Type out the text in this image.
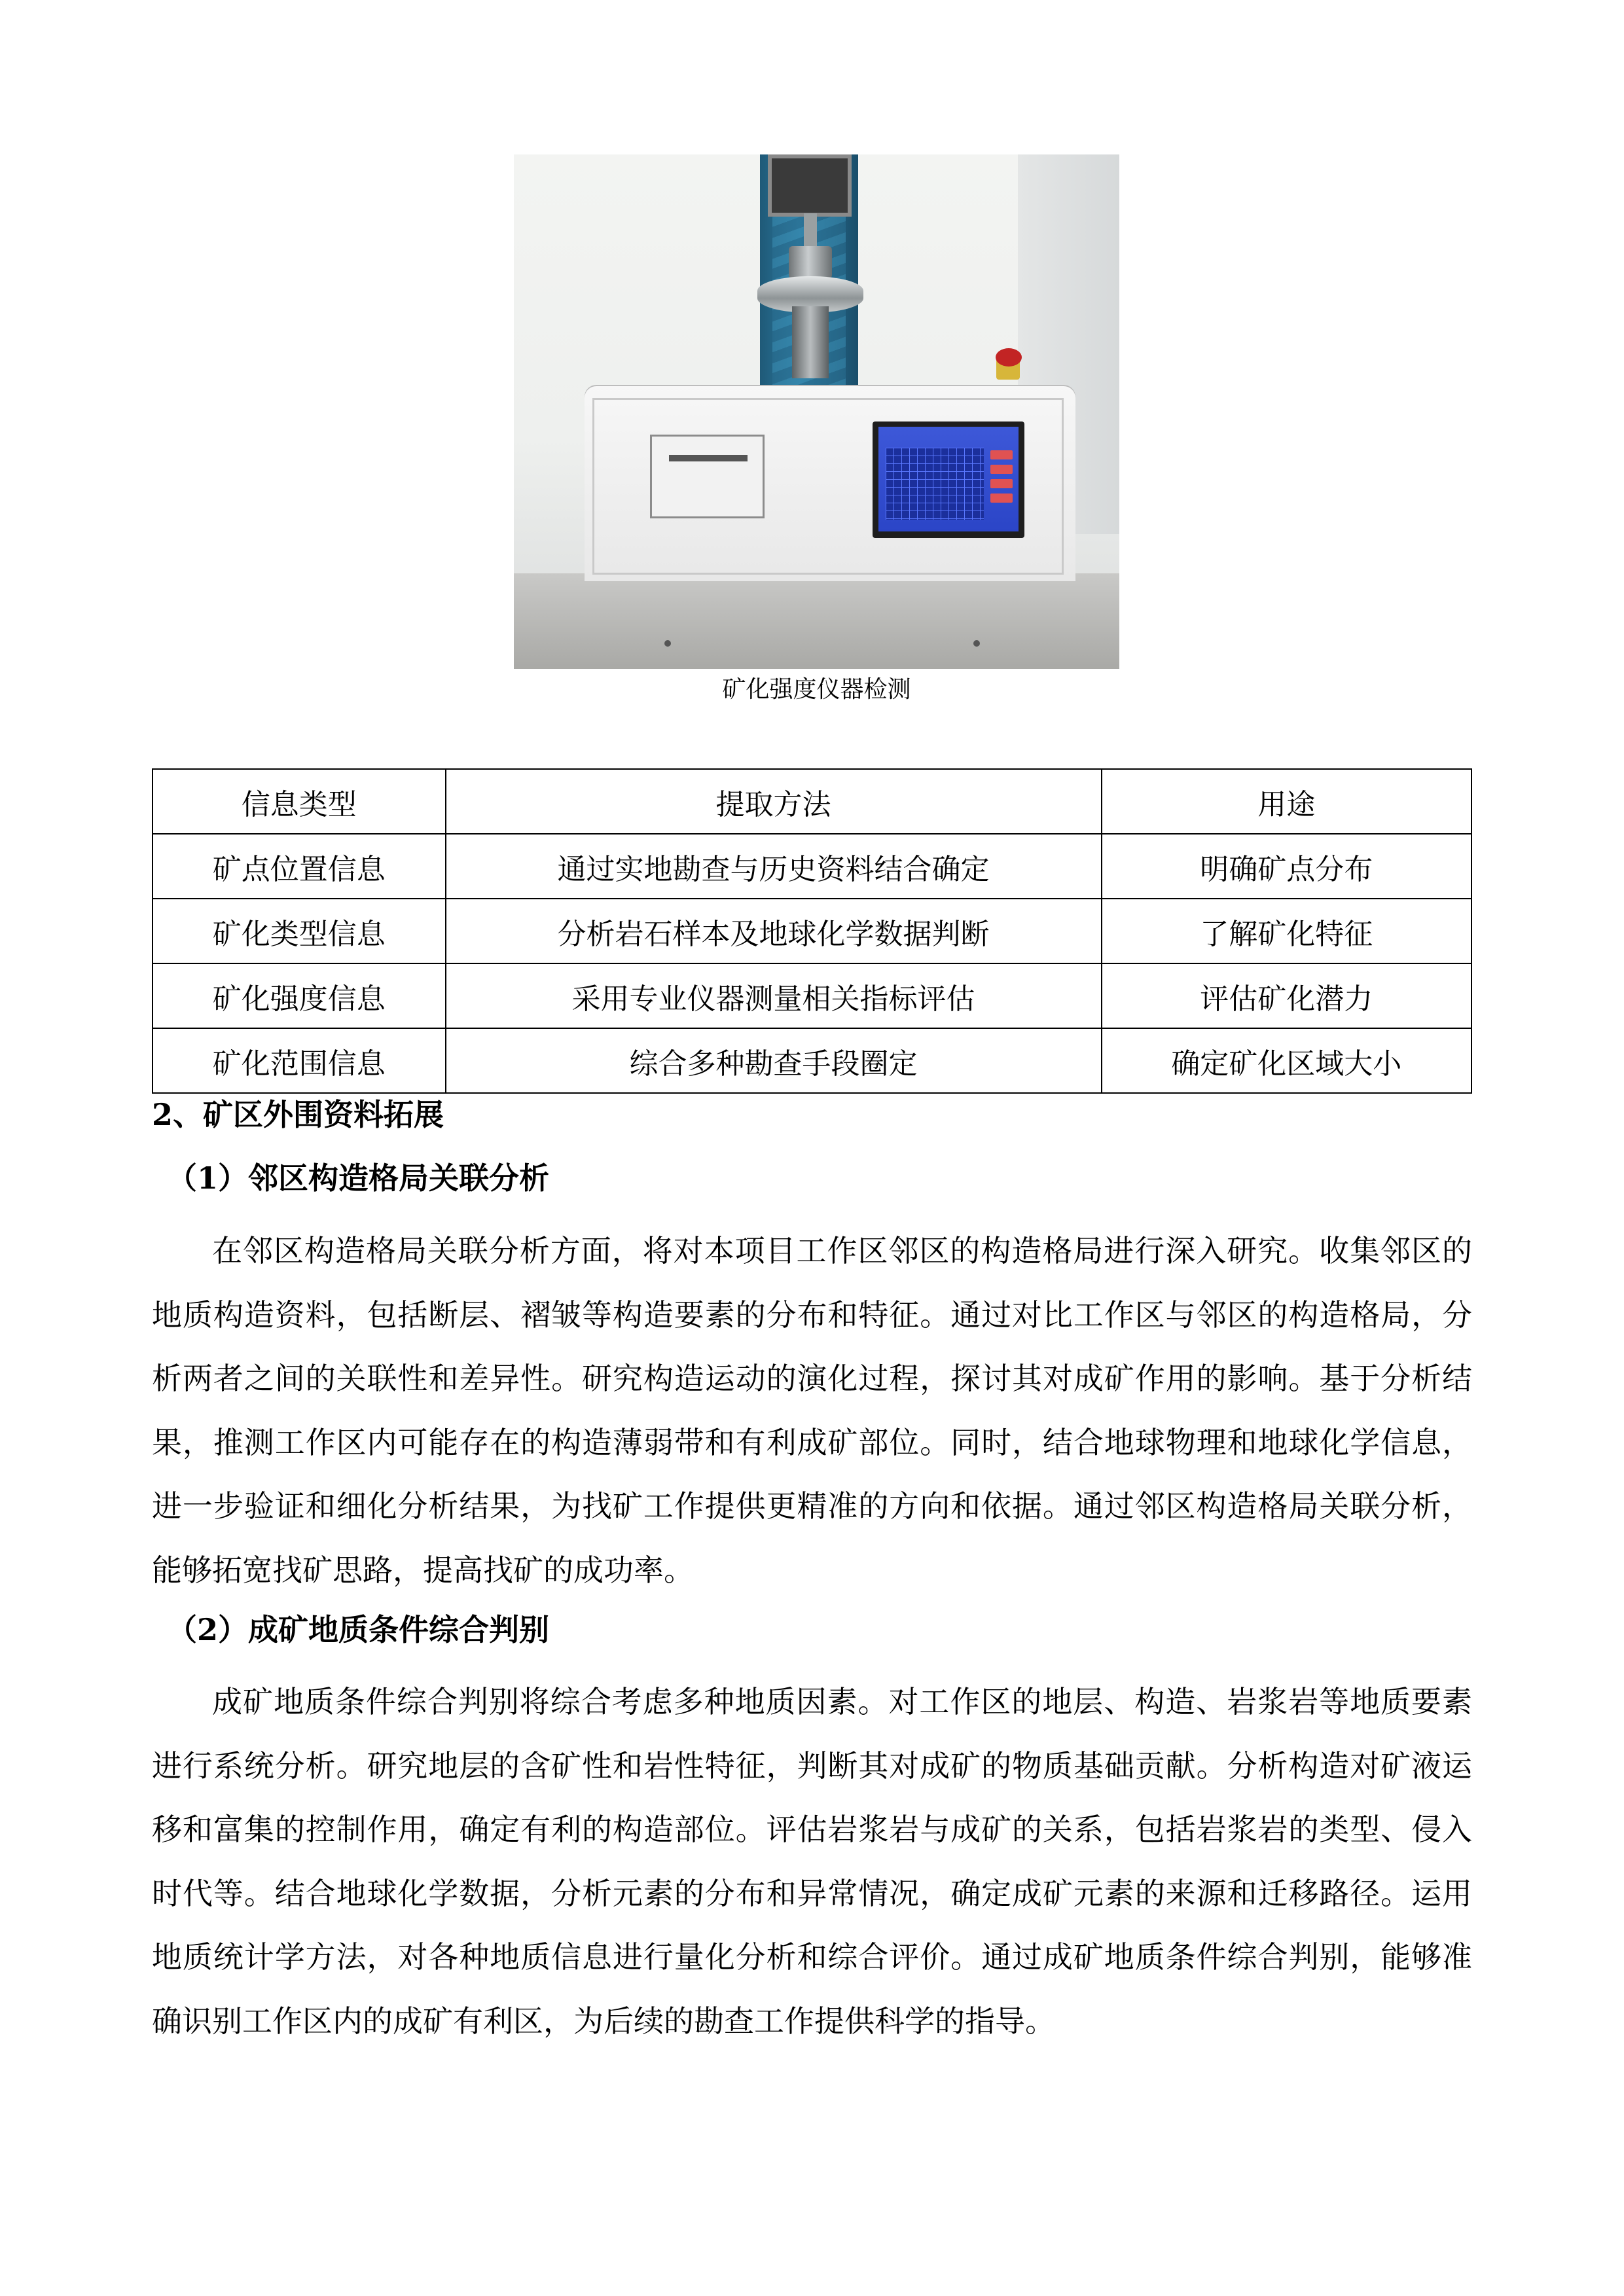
矿化强度仪器检测
信息类型	提取方法	用途
矿点位置信息	通过实地勘查与历史资料结合确定	明确矿点分布
矿化类型信息	分析岩石样本及地球化学数据判断	了解矿化特征
矿化强度信息	采用专业仪器测量相关指标评估	评估矿化潜力
矿化范围信息	综合多种勘查手段圈定	确定矿化区域大小
2、矿区外围资料拓展
（1）邻区构造格局关联分析
在邻区构造格局关联分析方面，将对本项目工作区邻区的构造格局进行深入研究。收集邻区的地质构造资料，包括断层、褶皱等构造要素的分布和特征。通过对比工作区与邻区的构造格局，分析两者之间的关联性和差异性。研究构造运动的演化过程，探讨其对成矿作用的影响。基于分析结果，推测工作区内可能存在的构造薄弱带和有利成矿部位。同时，结合地球物理和地球化学信息，进一步验证和细化分析结果，为找矿工作提供更精准的方向和依据。通过邻区构造格局关联分析，能够拓宽找矿思路，提高找矿的成功率。
（2）成矿地质条件综合判别
成矿地质条件综合判别将综合考虑多种地质因素。对工作区的地层、构造、岩浆岩等地质要素进行系统分析。研究地层的含矿性和岩性特征，判断其对成矿的物质基础贡献。分析构造对矿液运移和富集的控制作用，确定有利的构造部位。评估岩浆岩与成矿的关系，包括岩浆岩的类型、侵入时代等。结合地球化学数据，分析元素的分布和异常情况，确定成矿元素的来源和迁移路径。运用地质统计学方法，对各种地质信息进行量化分析和综合评价。通过成矿地质条件综合判别，能够准确识别工作区内的成矿有利区，为后续的勘查工作提供科学的指导。
